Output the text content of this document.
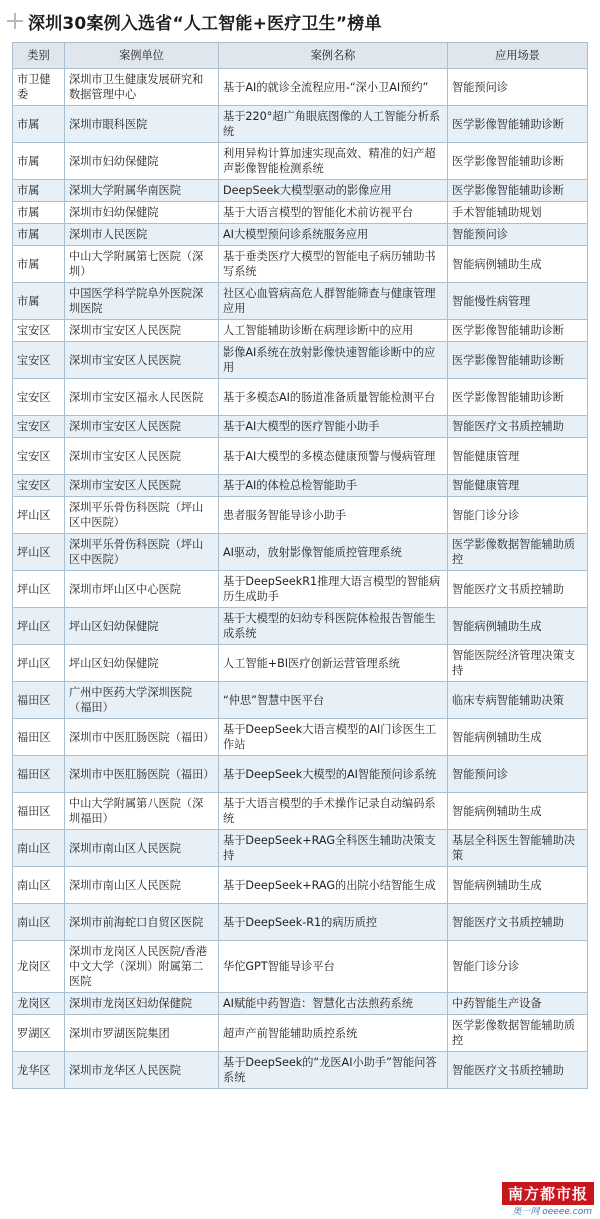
深圳30案例入选省“人工智能+医疗卫生”榜单
类别	案例单位	案例名称	应用场景
市卫健委	深圳市卫生健康发展研究和数据管理中心	基于AI的就诊全流程应用-“深小卫AI预约”	智能预问诊
市属	深圳市眼科医院	基于220°超广角眼底图像的人工智能分析系统	医学影像智能辅助诊断
市属	深圳市妇幼保健院	利用异构计算加速实现高效、精准的妇产超声影像智能检测系统	医学影像智能辅助诊断
市属	深圳大学附属华南医院	DeepSeek大模型驱动的影像应用	医学影像智能辅助诊断
市属	深圳市妇幼保健院	基于大语言模型的智能化术前访视平台	手术智能辅助规划
市属	深圳市人民医院	AI大模型预问诊系统服务应用	智能预问诊
市属	中山大学附属第七医院（深圳）	基于垂类医疗大模型的智能电子病历辅助书写系统	智能病例辅助生成
市属	中国医学科学院阜外医院深圳医院	社区心血管病高危人群智能筛查与健康管理应用	智能慢性病管理
宝安区	深圳市宝安区人民医院	人工智能辅助诊断在病理诊断中的应用	医学影像智能辅助诊断
宝安区	深圳市宝安区人民医院	影像AI系统在放射影像快速智能诊断中的应用	医学影像智能辅助诊断
宝安区	深圳市宝安区福永人民医院	基于多模态AI的肠道准备质量智能检测平台	医学影像智能辅助诊断
宝安区	深圳市宝安区人民医院	基于AI大模型的医疗智能小助手	智能医疗文书质控辅助
宝安区	深圳市宝安区人民医院	基于AI大模型的多模态健康预警与慢病管理	智能健康管理
宝安区	深圳市宝安区人民医院	基于AI的体检总检智能助手	智能健康管理
坪山区	深圳平乐骨伤科医院（坪山区中医院）	患者服务智能导诊小助手	智能门诊分诊
坪山区	深圳平乐骨伤科医院（坪山区中医院）	AI驱动，放射影像智能质控管理系统	医学影像数据智能辅助质控
坪山区	深圳市坪山区中心医院	基于DeepSeekR1推理大语言模型的智能病历生成助手	智能医疗文书质控辅助
坪山区	坪山区妇幼保健院	基于大模型的妇幼专科医院体检报告智能生成系统	智能病例辅助生成
坪山区	坪山区妇幼保健院	人工智能+BI医疗创新运营管理系统	智能医院经济管理决策支持
福田区	广州中医药大学深圳医院（福田）	“仲思”智慧中医平台	临床专病智能辅助决策
福田区	深圳市中医肛肠医院（福田）	基于DeepSeek大语言模型的AI门诊医生工作站	智能病例辅助生成
福田区	深圳市中医肛肠医院（福田）	基于DeepSeek大模型的AI智能预问诊系统	智能预问诊
福田区	中山大学附属第八医院（深圳福田）	基于大语言模型的手术操作记录自动编码系统	智能病例辅助生成
南山区	深圳市南山区人民医院	基于DeepSeek+RAG全科医生辅助决策支持	基层全科医生智能辅助决策
南山区	深圳市南山区人民医院	基于DeepSeek+RAG的出院小结智能生成	智能病例辅助生成
南山区	深圳市前海蛇口自贸区医院	基于DeepSeek-R1的病历质控	智能医疗文书质控辅助
龙岗区	深圳市龙岗区人民医院/香港中文大学（深圳）附属第二医院	华佗GPT智能导诊平台	智能门诊分诊
龙岗区	深圳市龙岗区妇幼保健院	AI赋能中药智造：智慧化古法煎药系统	中药智能生产设备
罗湖区	深圳市罗湖医院集团	超声产前智能辅助质控系统	医学影像数据智能辅助质控
龙华区	深圳市龙华区人民医院	基于DeepSeek的“龙医AI小助手”智能问答系统	智能医疗文书质控辅助
南方都市报
奥一网 oeeee.com
